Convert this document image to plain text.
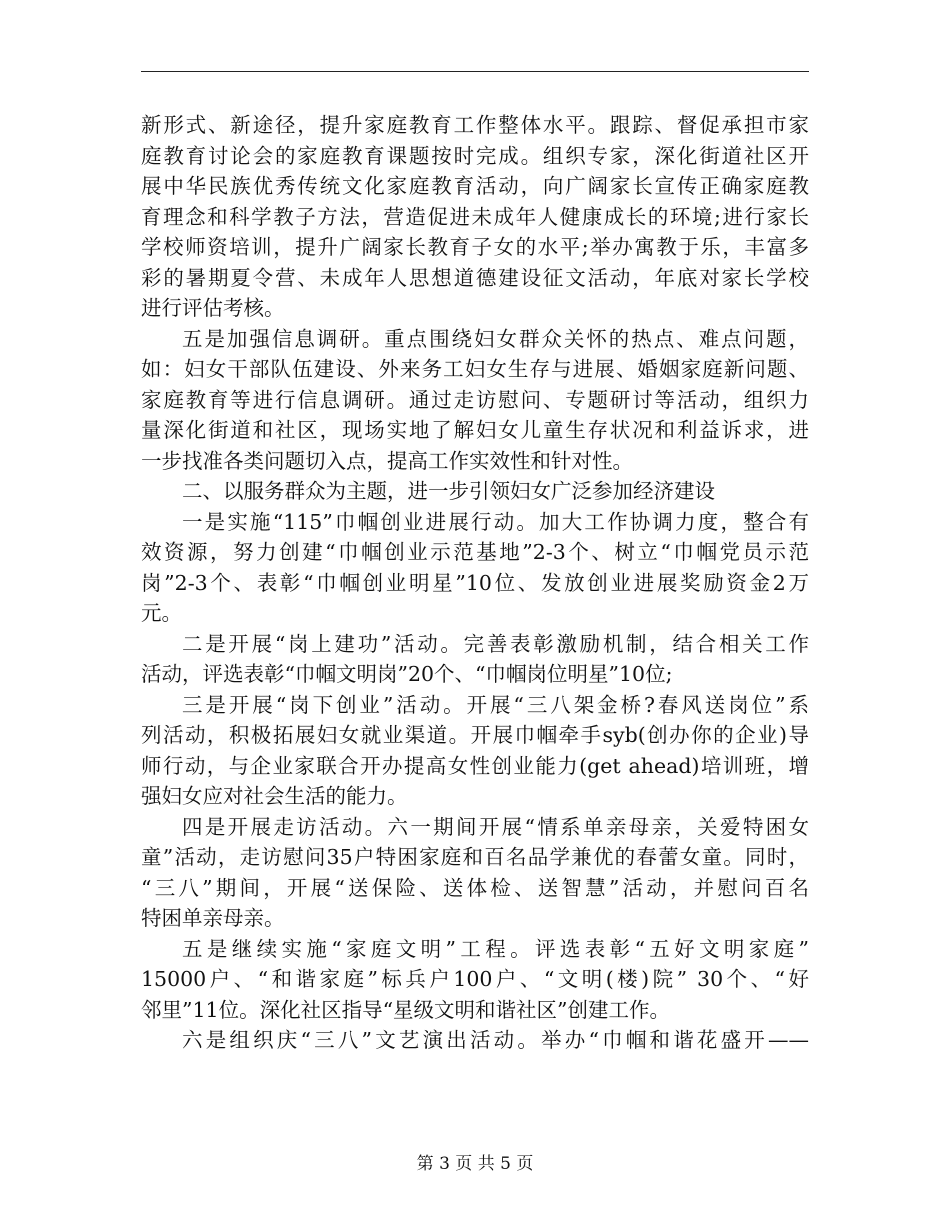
新形式、新途径，提升家庭教育工作整体水平。跟踪、督促承担市家
庭教育讨论会的家庭教育课题按时完成。组织专家，深化街道社区开
展中华民族优秀传统文化家庭教育活动，向广阔家长宣传正确家庭教
育理念和科学教子方法，营造促进未成年人健康成长的环境;进行家长
学校师资培训，提升广阔家长教育子女的水平;举办寓教于乐，丰富多
彩的暑期夏令营、未成年人思想道德建设征文活动，年底对家长学校
进行评估考核。
五是加强信息调研。重点围绕妇女群众关怀的热点、难点问题，
如：妇女干部队伍建设、外来务工妇女生存与进展、婚姻家庭新问题、
家庭教育等进行信息调研。通过走访慰问、专题研讨等活动，组织力
量深化街道和社区，现场实地了解妇女儿童生存状况和利益诉求，进
一步找准各类问题切入点，提高工作实效性和针对性。
二、以服务群众为主题，进一步引领妇女广泛参加经济建设
一是实施“115”巾帼创业进展行动。加大工作协调力度，整合有
效资源，努力创建“巾帼创业示范基地”2-3个、树立“巾帼党员示范
岗”2-3个、表彰“巾帼创业明星”10位、发放创业进展奖励资金2万
元。
二是开展“岗上建功”活动。完善表彰激励机制，结合相关工作
活动，评选表彰“巾帼文明岗”20个、“巾帼岗位明星”10位;
三是开展“岗下创业”活动。开展“三八架金桥?春风送岗位”系
列活动，积极拓展妇女就业渠道。开展巾帼牵手syb(创办你的企业)导
师行动，与企业家联合开办提高女性创业能力(get ahead)培训班，增
强妇女应对社会生活的能力。
四是开展走访活动。六一期间开展“情系单亲母亲，关爱特困女
童”活动，走访慰问35户特困家庭和百名品学兼优的春蕾女童。同时，
“三八”期间，开展“送保险、送体检、送智慧”活动，并慰问百名
特困单亲母亲。
五是继续实施“家庭文明”工程。评选表彰“五好文明家庭”
15000户、“和谐家庭”标兵户100户、“文明(楼)院” 30个、“好
邻里”11位。深化社区指导“星级文明和谐社区”创建工作。
六是组织庆“三八”文艺演出活动。举办“巾帼和谐花盛开——
第 3 页 共 5 页
